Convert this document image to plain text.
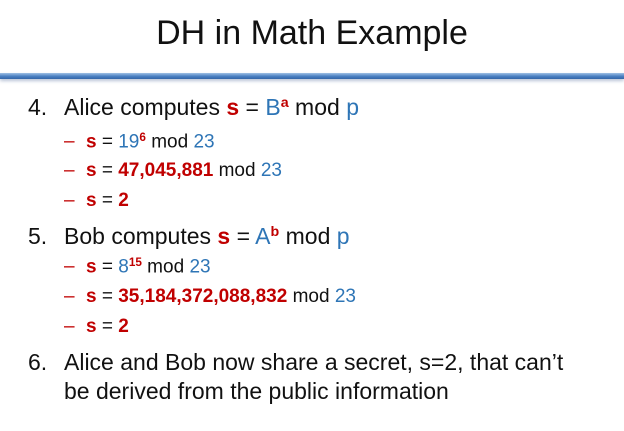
DH in Math Example
4. Alice computes $s = B^a$ mod p
– $s = 19^6$ mod 23
– s = 47,045,881 mod 23
– s = 2
5. Bob computes $s = A^b$ mod p
– $s = 8^{15}$ mod 23
– s = 35,184,372,088,832 mod 23
– s = 2
6. Alice and Bob now share a secret, s=2, that can’t
be derived from the public information
